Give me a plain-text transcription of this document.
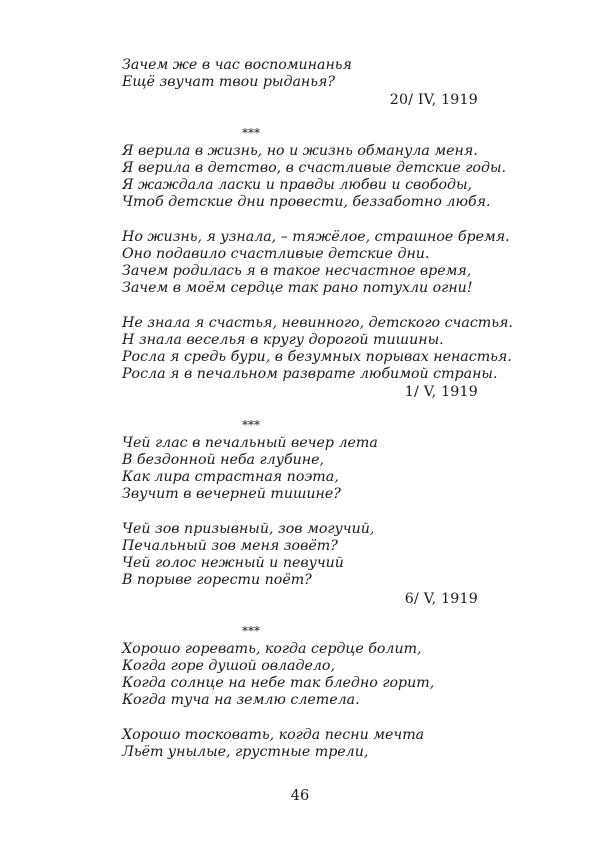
Зачем же в час воспоминанья
Ещё звучат твои рыданья?
20/ IV, 1919
***
Я верила в жизнь, но и жизнь обманула меня.
Я верила в детство, в счастливые детские годы.
Я жаждала ласки и правды любви и свободы,
Чтоб детские дни провести, беззаботно любя.
Но жизнь, я узнала, – тяжёлое, страшное бремя.
Оно подавило счастливые детские дни.
Зачем родилась я в такое несчастное время,
Зачем в моём сердце так рано потухли огни!
Не знала я счастья, невинного, детского счастья.
Н знала веселья в кругу дорогой тишины.
Росла я средь бури, в безумных порывах ненастья.
Росла я в печальном разврате любимой страны.
1/ V, 1919
***
Чей глас в печальный вечер лета
В бездонной неба глубине,
Как лира страстная поэта,
Звучит в вечерней тишине?
Чей зов призывный, зов могучий,
Печальный зов меня зовёт?
Чей голос нежный и певучий
В порыве горести поёт?
6/ V, 1919
***
Хорошо горевать, когда сердце болит,
Когда горе душой овладело,
Когда солнце на небе так бледно горит,
Когда туча на землю слетела.
Хорошо тосковать, когда песни мечта
Льёт унылые, грустные трели,
46
